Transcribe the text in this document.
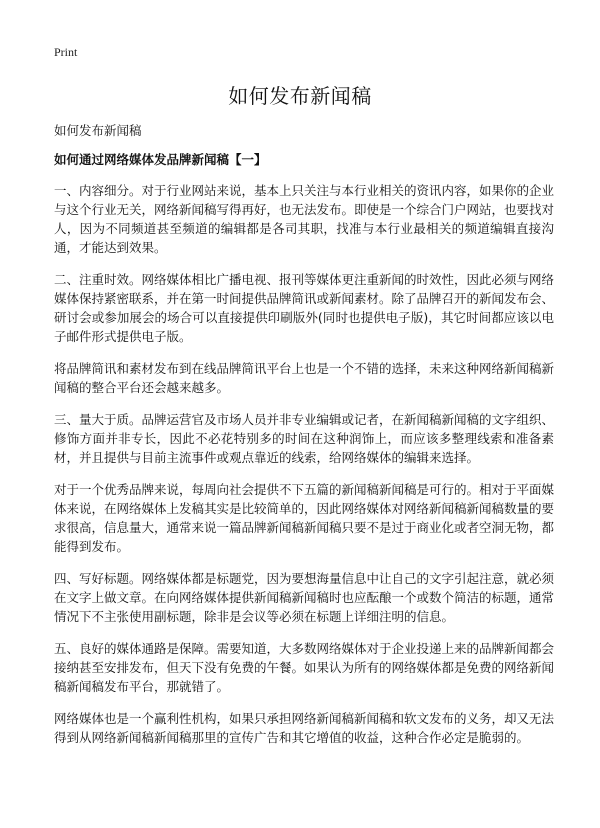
Print
如何发布新闻稿

如何发布新闻稿

如何通过网络媒体发品牌新闻稿【一】

一、内容细分。对于行业网站来说，基本上只关注与本行业相关的资讯内容，如果你的企业与这个行业无关，网络新闻稿写得再好，也无法发布。即使是一个综合门户网站，也要找对人，因为不同频道甚至频道的编辑都是各司其职，找准与本行业最相关的频道编辑直接沟通，才能达到效果。

二、注重时效。网络媒体相比广播电视、报刊等媒体更注重新闻的时效性，因此必须与网络媒体保持紧密联系，并在第一时间提供品牌简讯或新闻素材。除了品牌召开的新闻发布会、研讨会或参加展会的场合可以直接提供印刷版外(同时也提供电子版)，其它时间都应该以电子邮件形式提供电子版。

将品牌简讯和素材发布到在线品牌简讯平台上也是一个不错的选择，未来这种网络新闻稿新闻稿的整合平台还会越来越多。

三、量大于质。品牌运营官及市场人员并非专业编辑或记者，在新闻稿新闻稿的文字组织、修饰方面并非专长，因此不必花特别多的时间在这种润饰上，而应该多整理线索和准备素材，并且提供与目前主流事件或观点靠近的线索，给网络媒体的编辑来选择。

对于一个优秀品牌来说，每周向社会提供不下五篇的新闻稿新闻稿是可行的。相对于平面媒体来说，在网络媒体上发稿其实是比较简单的，因此网络媒体对网络新闻稿新闻稿数量的要求很高，信息量大，通常来说一篇品牌新闻稿新闻稿只要不是过于商业化或者空洞无物，都能得到发布。

四、写好标题。网络媒体都是标题党，因为要想海量信息中让自己的文字引起注意，就必须在文字上做文章。在向网络媒体提供新闻稿新闻稿时也应酝酿一个或数个简洁的标题，通常情况下不主张使用副标题，除非是会议等必须在标题上详细注明的信息。

五、良好的媒体通路是保障。需要知道，大多数网络媒体对于企业投递上来的品牌新闻都会接纳甚至安排发布，但天下没有免费的午餐。如果认为所有的网络媒体都是免费的网络新闻稿新闻稿发布平台，那就错了。

网络媒体也是一个赢利性机构，如果只承担网络新闻稿新闻稿和软文发布的义务，却又无法得到从网络新闻稿新闻稿那里的宣传广告和其它增值的收益，这种合作必定是脆弱的。
